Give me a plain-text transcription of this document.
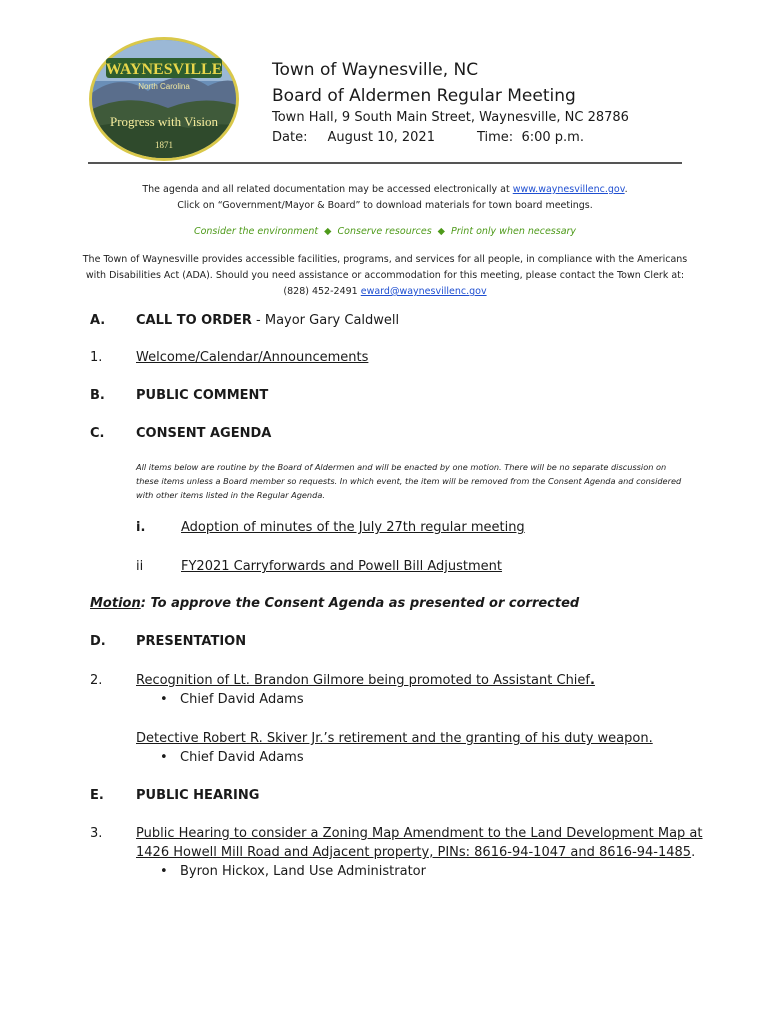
WAYNESVILLE
North Carolina
Progress with Vision
1871
Town of Waynesville, NC
Board of Aldermen Regular Meeting
Town Hall, 9 South Main Street, Waynesville, NC 28786
Date: August 10, 2021	Time: 6:00 p.m.
The agenda and all related documentation may be accessed electronically at www.waynesvillenc.gov.
Click on “Government/Mayor & Board” to download materials for town board meetings.
Consider the environment  ◆  Conserve resources  ◆  Print only when necessary
The Town of Waynesville provides accessible facilities, programs, and services for all people, in compliance with the Americans
with Disabilities Act (ADA). Should you need assistance or accommodation for this meeting, please contact the Town Clerk at:
(828) 452-2491 eward@waynesvillenc.gov
A. CALL TO ORDER - Mayor Gary Caldwell
1.	Welcome/Calendar/Announcements
B. PUBLIC COMMENT
C. CONSENT AGENDA
All items below are routine by the Board of Aldermen and will be enacted by one motion. There will be no separate discussion on
these items unless a Board member so requests. In which event, the item will be removed from the Consent Agenda and considered
with other items listed in the Regular Agenda.
i.	Adoption of minutes of the July 27th regular meeting
ii	FY2021 Carryforwards and Powell Bill Adjustment
Motion: To approve the Consent Agenda as presented or corrected
D. PRESENTATION
2.	Recognition of Lt. Brandon Gilmore being promoted to Assistant Chief.
• Chief David Adams
Detective Robert R. Skiver Jr.’s retirement and the granting of his duty weapon.
• Chief David Adams
E. PUBLIC HEARING
3.	Public Hearing to consider a Zoning Map Amendment to the Land Development Map at
1426 Howell Mill Road and Adjacent property, PINs: 8616-94-1047 and 8616-94-1485.
• Byron Hickox, Land Use Administrator
